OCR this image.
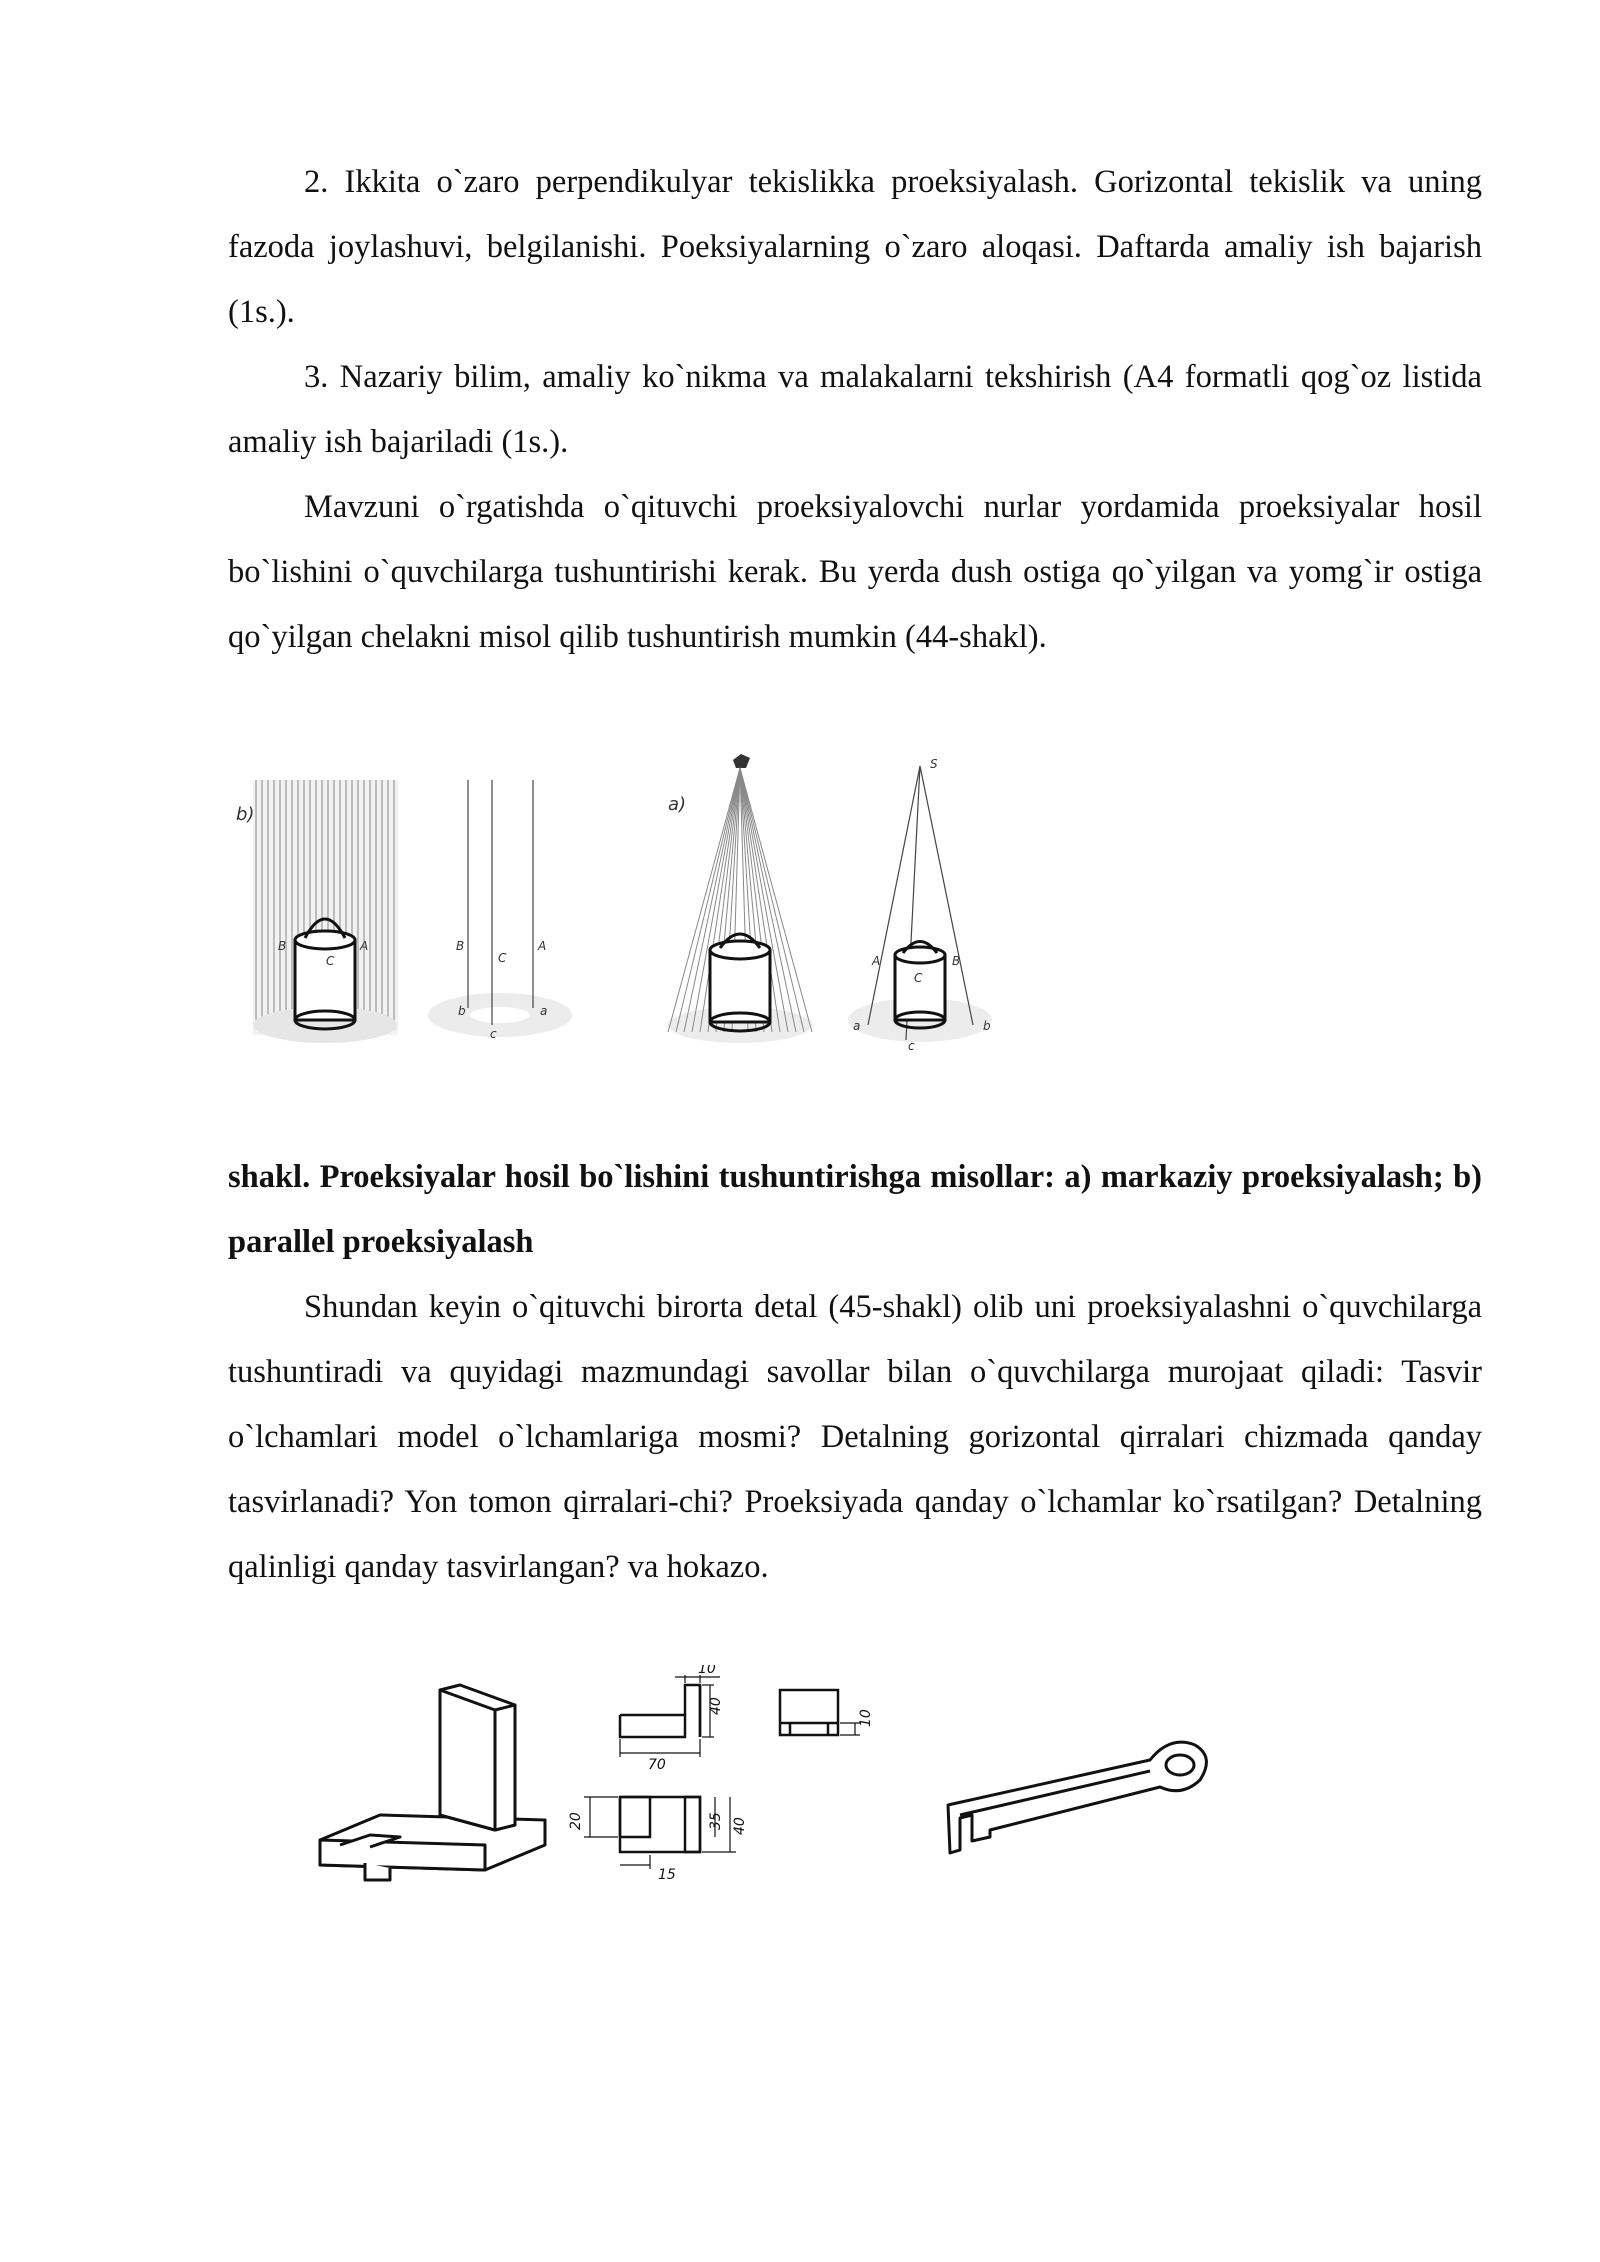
2. Ikkita o`zaro perpendikulyar tekislikka proeksiyalash. Gorizontal tekislik va uning fazoda joylashuvi, belgilanishi. Poeksiyalarning o`zaro aloqasi. Daftarda amaliy ish bajarish (1s.).

3. Nazariy bilim, amaliy ko`nikma va malakalarni tekshirish (A4 formatli qog`oz listida amaliy ish bajariladi (1s.).

Mavzuni o`rgatishda o`qituvchi proeksiyalovchi nurlar yordamida proeksiyalar hosil bo`lishini o`quvchilarga tushuntirishi kerak. Bu yerda dush ostiga qo`yilgan va yomg`ir ostiga qo`yilgan chelakni misol qilib tushuntirish mumkin (44-shakl).

b)
B	A
C
B
C
A
b	a
c
a)
S
A	B
C
a	b
c
shakl. Proeksiyalar hosil bo`lishini tushuntirishga misollar: a) markaziy proeksiyalash; b) parallel proeksiyalash

Shundan keyin o`qituvchi birorta detal (45-shakl) olib uni proeksiyalashni o`quvchilarga tushuntiradi va quyidagi mazmundagi savollar bilan o`quvchilarga murojaat qiladi: Tasvir o`lchamlari model o`lchamlariga mosmi? Detalning gorizontal qirralari chizmada qanday tasvirlanadi? Yon tomon qirralari-chi? Proeksiyada qanday o`lchamlar ko`rsatilgan? Detalning qalinligi qanday tasvirlangan? va hokazo.

10
40
70
10
20	35 40
15
